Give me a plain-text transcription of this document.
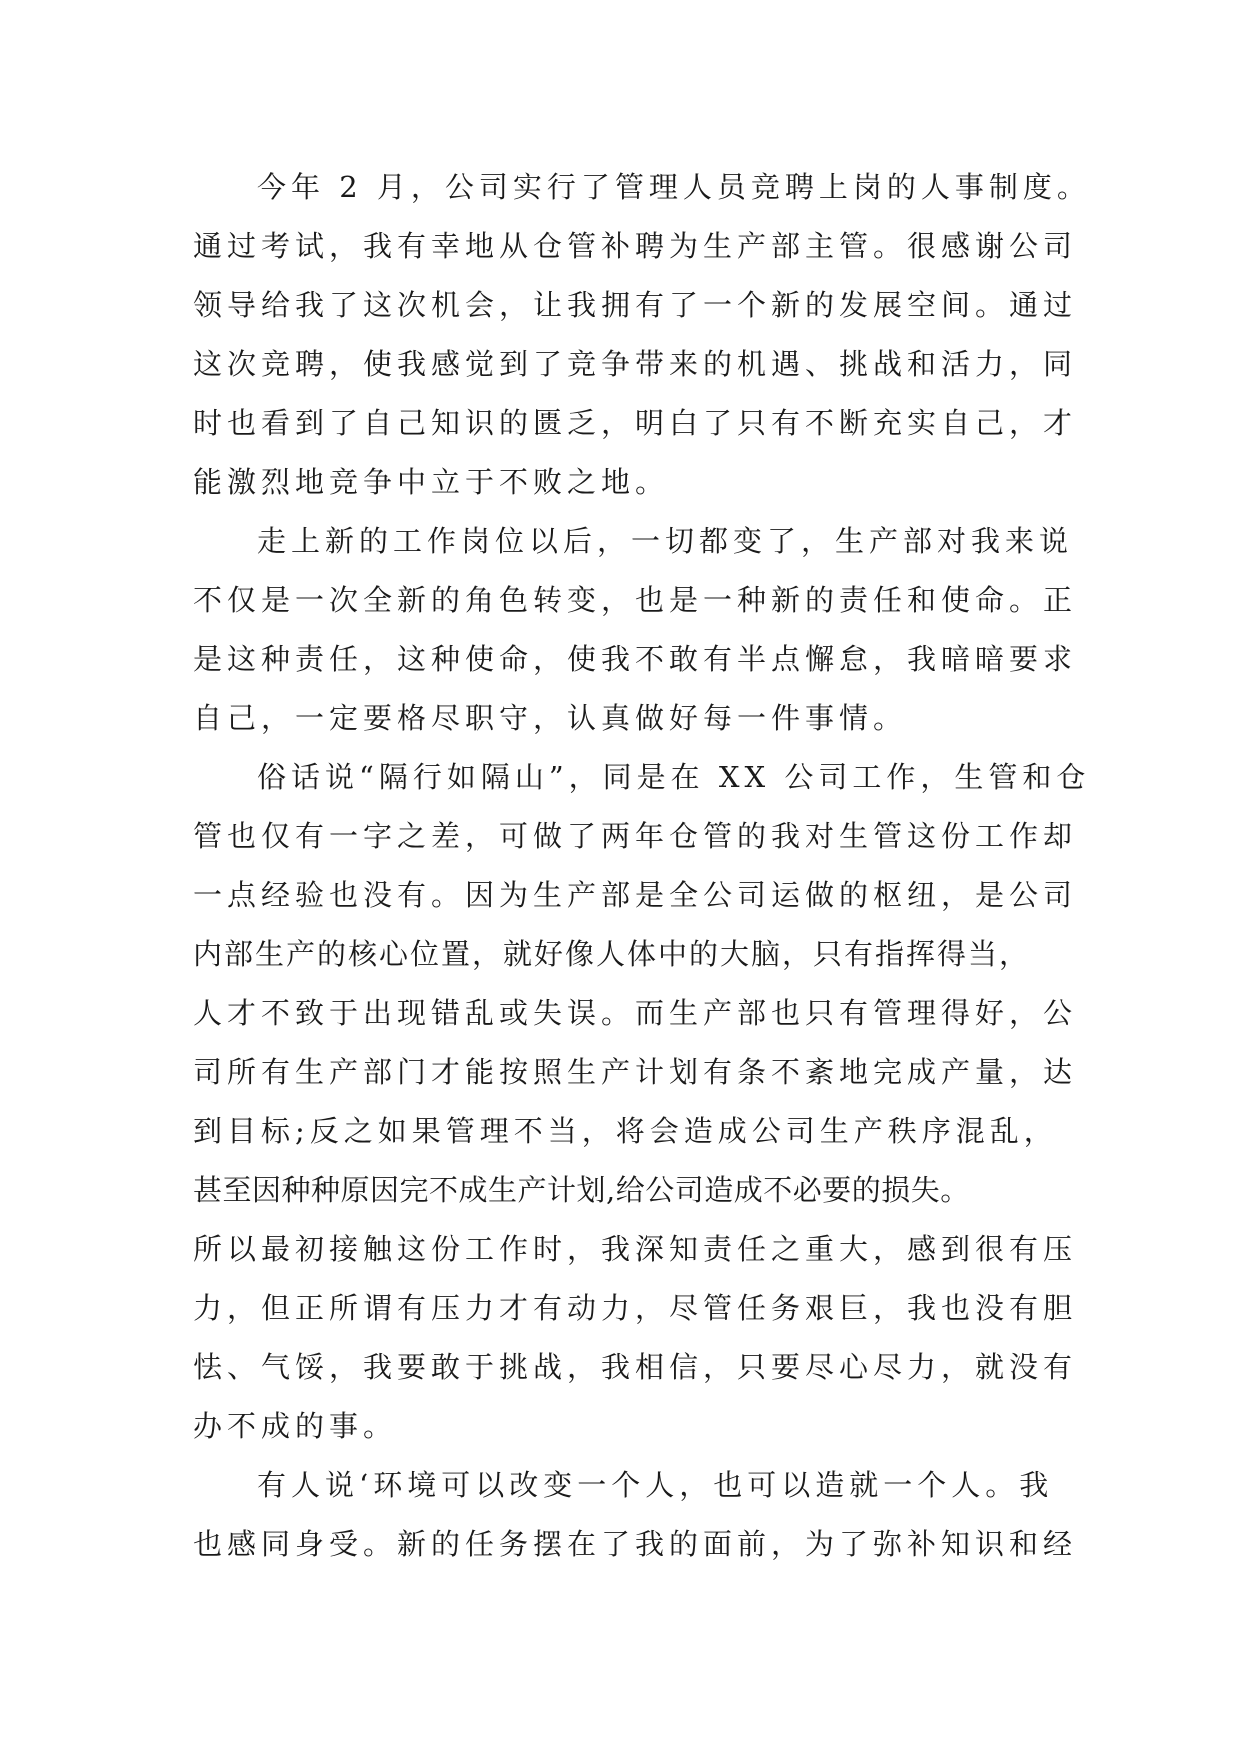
今年 2 月，公司实行了管理人员竞聘上岗的人事制度。
通过考试，我有幸地从仓管补聘为生产部主管。很感谢公司
领导给我了这次机会，让我拥有了一个新的发展空间。通过
这次竞聘，使我感觉到了竞争带来的机遇、挑战和活力，同
时也看到了自己知识的匮乏，明白了只有不断充实自己，才
能激烈地竞争中立于不败之地。
走上新的工作岗位以后，一切都变了，生产部对我来说
不仅是一次全新的角色转变，也是一种新的责任和使命。正
是这种责任，这种使命，使我不敢有半点懈怠，我暗暗要求
自己，一定要格尽职守，认真做好每一件事情。
俗话说“隔行如隔山”，同是在 XX 公司工作，生管和仓
管也仅有一字之差，可做了两年仓管的我对生管这份工作却
一点经验也没有。因为生产部是全公司运做的枢纽，是公司
内部生产的核心位置，就好像人体中的大脑，只有指挥得当，
人才不致于出现错乱或失误。而生产部也只有管理得好，公
司所有生产部门才能按照生产计划有条不紊地完成产量，达
到目标;反之如果管理不当，将会造成公司生产秩序混乱，
甚至因种种原因完不成生产计划,给公司造成不必要的损失。
所以最初接触这份工作时，我深知责任之重大，感到很有压
力，但正所谓有压力才有动力，尽管任务艰巨，我也没有胆
怯、气馁，我要敢于挑战，我相信，只要尽心尽力，就没有
办不成的事。
有人说‘环境可以改变一个人，也可以造就一个人。我
也感同身受。新的任务摆在了我的面前，为了弥补知识和经
